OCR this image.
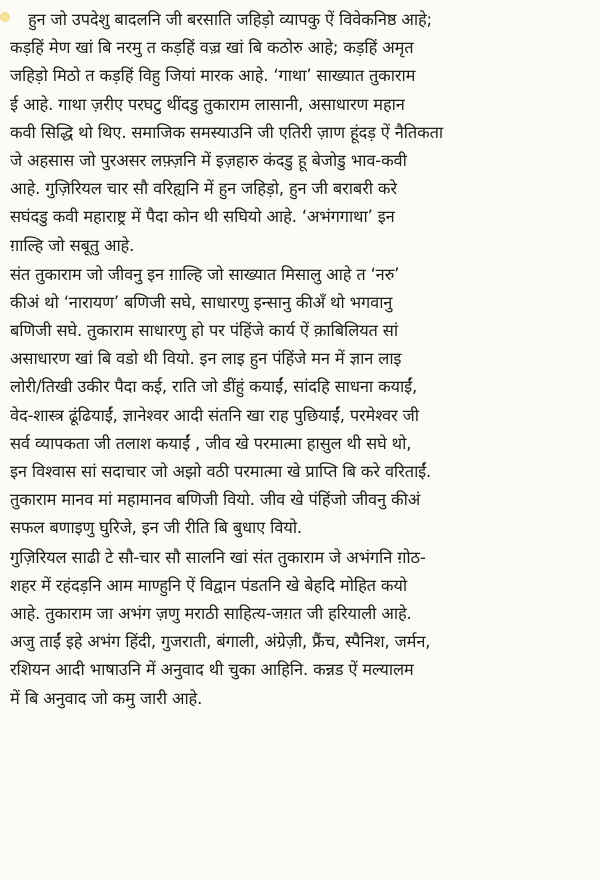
हुन जो उपदेशु बादलनि जी बरसाति जहिड़ो व्यापकु ऐं विवेकनिष्ठ आहे;
कड़हिं मेण खां बि नरमु त कड़हिं वज़्र खां बि कठोरु आहे; कड़हिं अमृत
जहिड़ो मिठो त कड़हिं विहु जियां मारक आहे. ‘गाथा’ साख्यात तुकाराम
ई आहे. गाथा ज़रीए परघटु थींदडु तुकाराम लासानी, असाधारण महान
कवी सिद्धि थो थिए. समाजिक समस्याउनि जी एतिरी ज़ाण हूंदड़ ऐं नैतिकता
जे अहसास जो पुरअसर लफ़्ज़नि में इज़हारु कंदडु हू बेजोडु भाव-कवी
आहे. गुज़िरियल चार सौ वरिह्यनि में हुन जहिड़ो, हुन जी बराबरी करे
सघंदडु कवी महाराष्ट्र में पैदा कोन थी सघियो आहे. ‘अभंगगाथा’ इन
ग़ाल्हि जो सबूतु आहे.
संत तुकाराम जो जीवनु इन ग़ाल्हि जो साख्यात मिसालु आहे त ‘नरु’
कीअं थो ‘नारायण’ बणिजी सघे, साधारणु इन्सानु कीअँ थो भगवानु
बणिजी सघे. तुकाराम साधारणु हो पर पंहिंजे कार्य ऐं क़ाबिलियत सां
असाधारण खां बि वडो थी वियो. इन लाइ हुन पंहिंजे मन में ज्ञान लाइ
लोरी/तिखी उकीर पैदा कई, राति जो डींहुं कयाईं, सांदहि साधना कयाईं,
वेद-शास्त्र ढूंढियाईं, ज्ञानेश्वर आदी संतनि खा राह पुछियाईं, परमेश्वर जी
सर्व व्यापकता जी तलाश कयाईं , जीव खे परमात्मा हासुल थी सघे थो,
इन विश्वास सां सदाचार जो अझो वठी परमात्मा खे प्राप्ति बि करे वरिताईं.
तुकाराम मानव मां महामानव बणिजी वियो. जीव खे पंहिंजो जीवनु कीअं
सफल बणाइणु घुरिजे, इन जी रीति बि बुधाए वियो.
गुज़िरियल साढी टे सौ-चार सौ सालनि खां संत तुकाराम जे अभंगनि ग़ोठ-
शहर में रहंदड़नि आम माण्हुनि ऐं विद्वान पंडतनि खे बेहदि मोहित कयो
आहे. तुकाराम जा अभंग ज़णु मराठी साहित्य-जग़त जी हरियाली आहे.
अजु ताईं इहे अभंग हिंदी, गुजराती, बंगाली, अंग्रेज़ी, फ्रैंच, स्पैनिश, जर्मन,
रशियन आदी भाषाउनि में अनुवाद थी चुका आहिनि. कन्नड ऐं मल्यालम
में बि अनुवाद जो कमु जारी आहे.
